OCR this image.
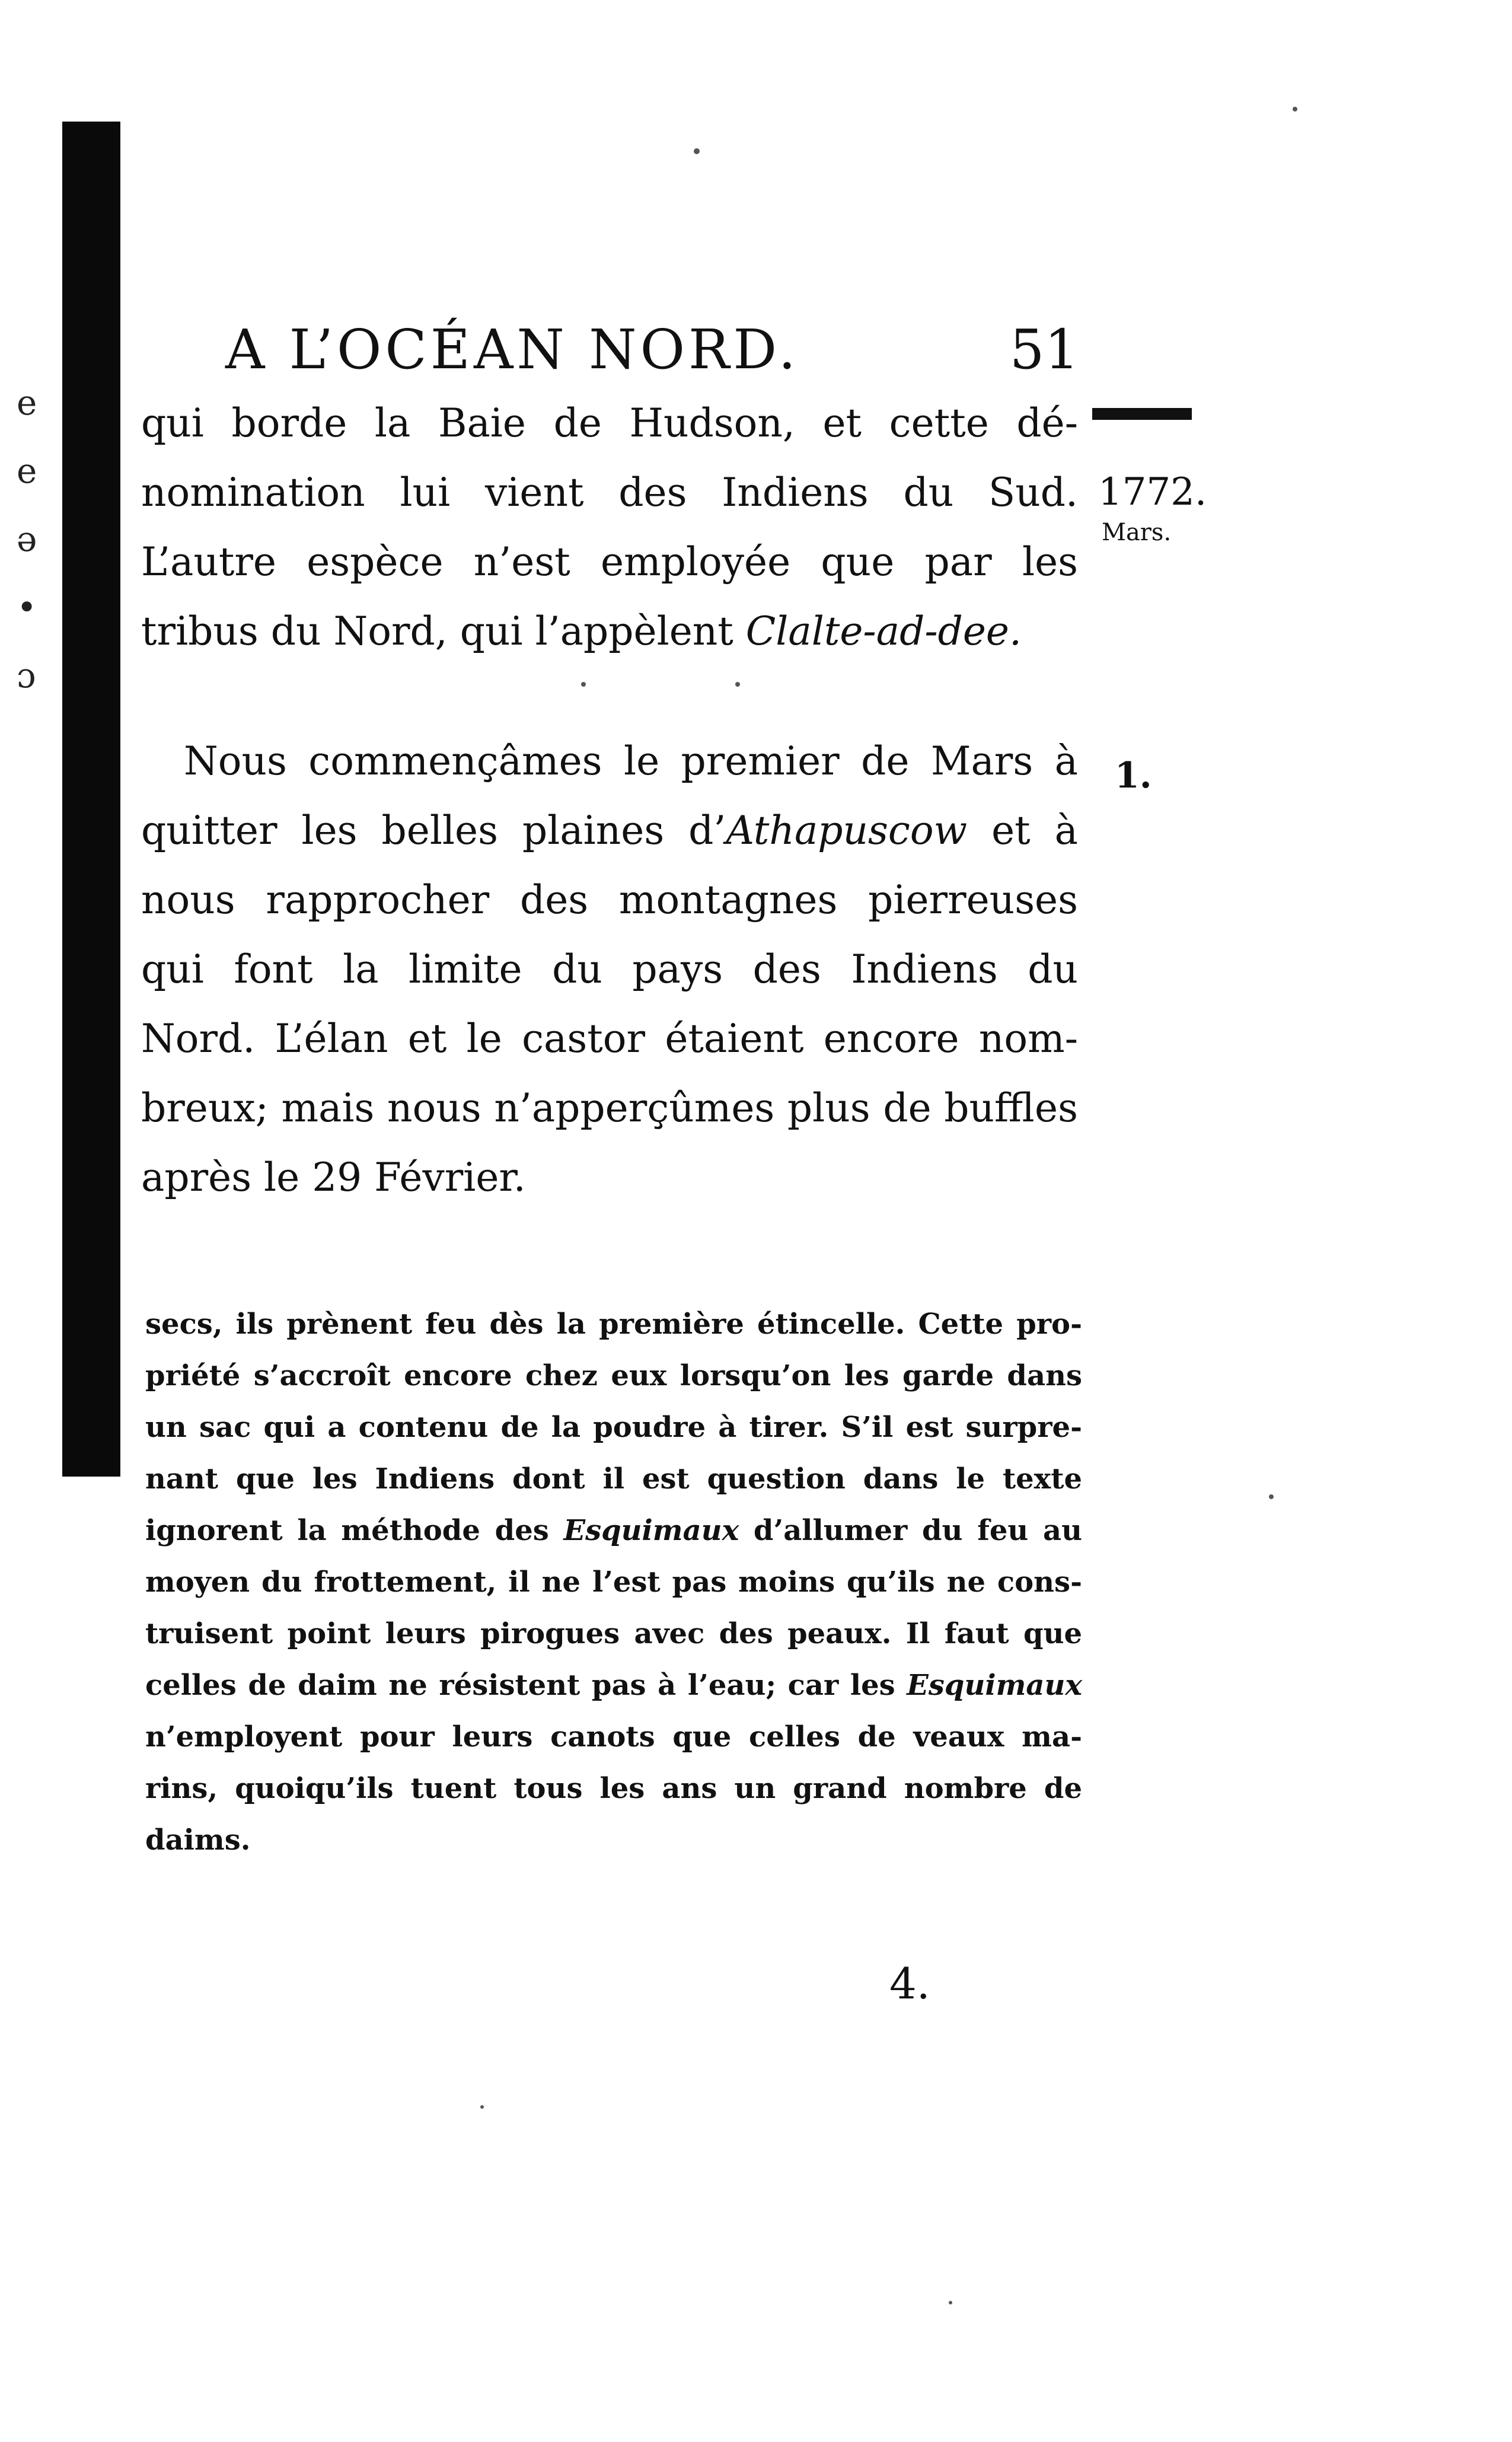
e
e
ə
•
ɔ
A L’OCÉAN NORD.	51
1772.
Mars.
1.
qui borde la Baie de Hudson, et cette dé-
nomination lui vient des Indiens du Sud.
L’autre espèce n’est employée que par les
tribus du Nord, qui l’appèlent Clalte-ad-dee.
Nous commençâmes le premier de Mars à
quitter les belles plaines d’Athapuscow et à
nous rapprocher des montagnes pierreuses
qui font la limite du pays des Indiens du
Nord. L’élan et le castor étaient encore nom-
breux; mais nous n’apperçûmes plus de buffles
après le 29 Février.
secs, ils prènent feu dès la première étincelle. Cette pro-
priété s’accroît encore chez eux lorsqu’on les garde dans
un sac qui a contenu de la poudre à tirer. S’il est surpre-
nant que les Indiens dont il est question dans le texte
ignorent la méthode des Esquimaux d’allumer du feu au
moyen du frottement, il ne l’est pas moins qu’ils ne cons-
truisent point leurs pirogues avec des peaux. Il faut que
celles de daim ne résistent pas à l’eau; car les Esquimaux
n’employent pour leurs canots que celles de veaux ma-
rins, quoiqu’ils tuent tous les ans un grand nombre de
daims.
4.
